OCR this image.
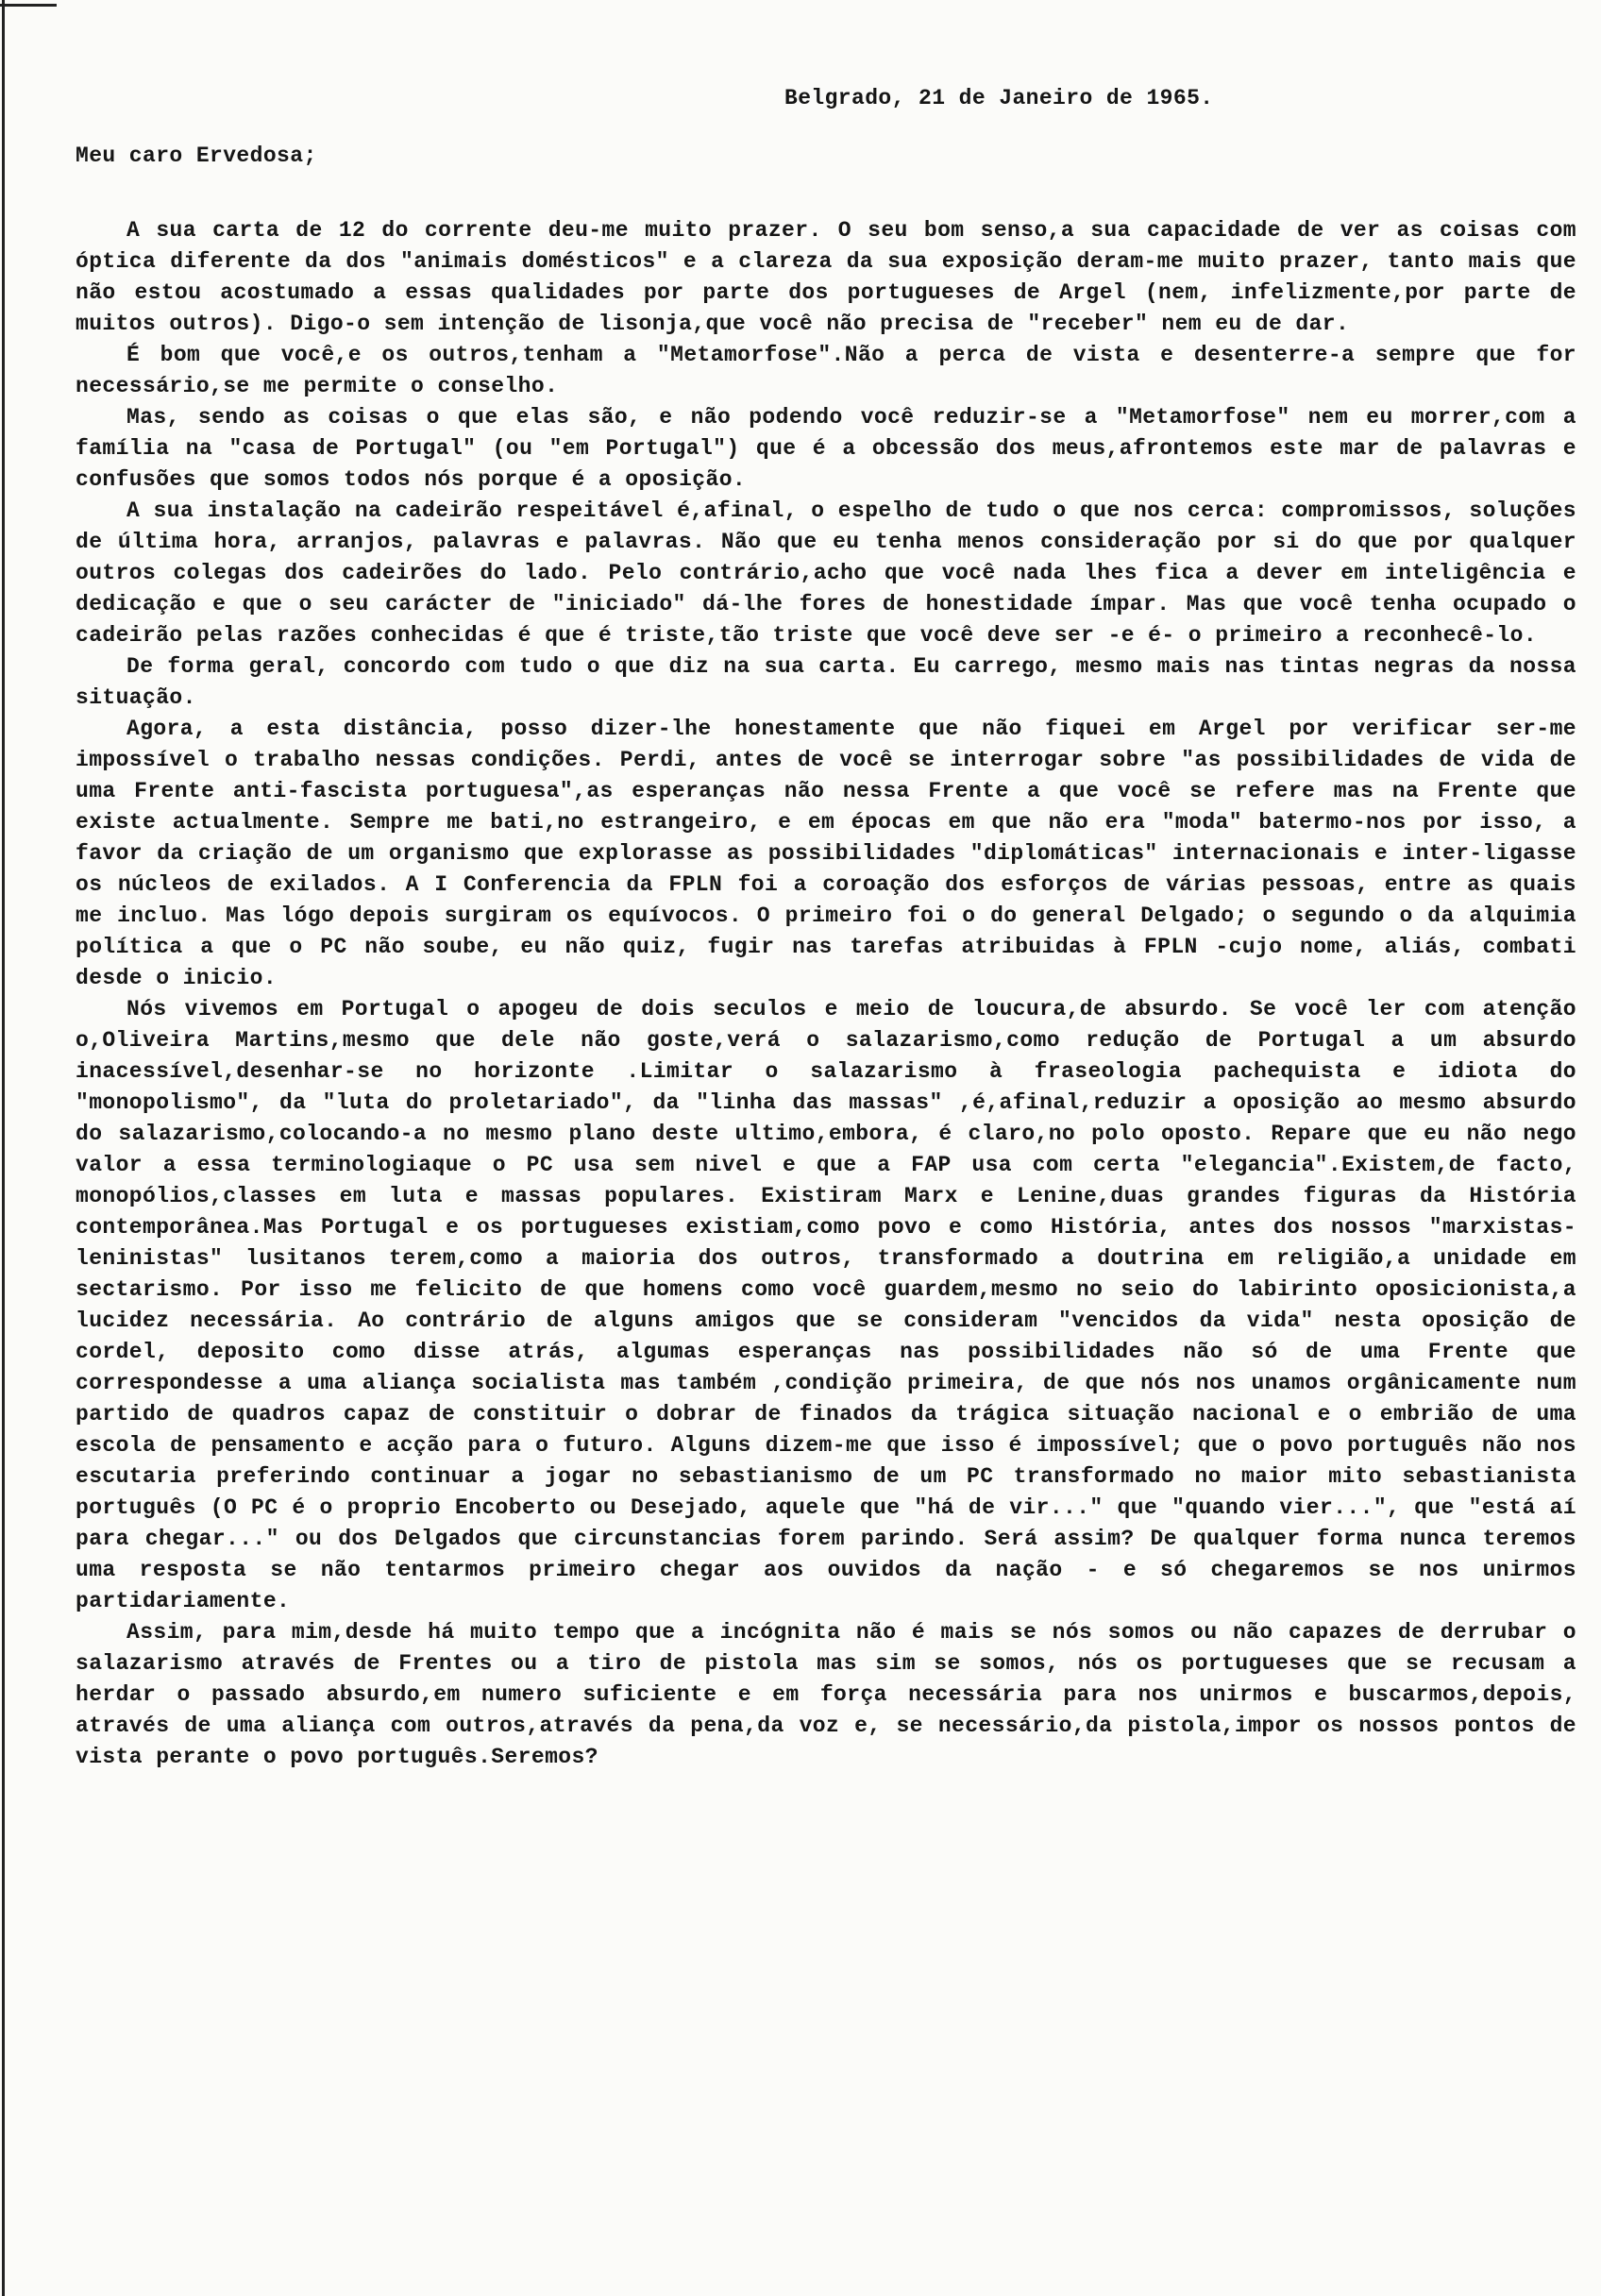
Belgrado, 21 de Janeiro de 1965.

Meu caro Ervedosa;

A sua carta de 12 do corrente deu-me muito prazer. O seu bom senso,a sua capacidade de ver as coisas com óptica diferente da dos "animais domésticos" e a clareza da sua exposição deram-me muito prazer, tanto mais que não estou acostumado a essas qualidades por parte dos portugueses de Argel (nem, infelizmente,por parte de muitos outros). Digo-o sem intenção de lisonja,que você não precisa de "receber" nem eu de dar.

É bom que você,e os outros,tenham a "Metamorfose".Não a perca de vista e desenterre-a sempre que for necessário,se me permite o conselho.

Mas, sendo as coisas o que elas são, e não podendo você reduzir-se a "Metamorfose" nem eu morrer,com a família na "casa de Portugal" (ou "em Portugal") que é a obcessão dos meus,afrontemos este mar de palavras e confusões que somos todos nós porque é a oposição.

A sua instalação na cadeirão respeitável é,afinal, o espelho de tudo o que nos cerca: compromissos, soluções de última hora, arranjos, palavras e palavras. Não que eu tenha menos consideração por si do que por qualquer outros colegas dos cadeirões do lado. Pelo contrário,acho que você nada lhes fica a dever em inteligência e dedicação e que o seu carácter de "iniciado" dá-lhe fores de honestidade ímpar. Mas que você tenha ocupado o cadeirão pelas razões conhecidas é que é triste,tão triste que você deve ser -e é- o primeiro a reconhecê-lo.

De forma geral, concordo com tudo o que diz na sua carta. Eu carrego, mesmo mais nas tintas negras da nossa situação.

Agora, a esta distância, posso dizer-lhe honestamente que não fiquei em Argel por verificar ser-me impossível o trabalho nessas condições. Perdi, antes de você se interrogar sobre "as possibilidades de vida de uma Frente anti-fascista portuguesa",as esperanças não nessa Frente a que você se refere mas na Frente que existe actualmente. Sempre me bati,no estrangeiro, e em épocas em que não era "moda" batermo-nos por isso, a favor da criação de um organismo que explorasse as possibilidades "diplomáticas" internacionais e inter-ligasse os núcleos de exilados. A I Conferencia da FPLN foi a coroação dos esforços de várias pessoas, entre as quais me incluo. Mas lógo depois surgiram os equívocos. O primeiro foi o do general Delgado; o segundo o da alquimia política a que o PC não soube, eu não quiz, fugir nas tarefas atribuidas à FPLN -cujo nome, aliás, combati desde o inicio.

Nós vivemos em Portugal o apogeu de dois seculos e meio de loucura,de absurdo. Se você ler com atenção o,Oliveira Martins,mesmo que dele não goste,verá o salazarismo,como redução de Portugal a um absurdo inacessível,desenhar-se no horizonte .Limitar o salazarismo à fraseologia pachequista e idiota do "monopolismo", da "luta do proletariado", da "linha das massas" ,é,afinal,reduzir a oposição ao mesmo absurdo do salazarismo,colocando-a no mesmo plano deste ultimo,embora, é claro,no polo oposto. Repare que eu não nego valor a essa terminologiaque o PC usa sem nivel e que a FAP usa com certa "elegancia".Existem,de facto, monopólios,classes em luta e massas populares. Existiram Marx e Lenine,duas grandes figuras da História contemporânea.Mas Portugal e os portugueses existiam,como povo e como História, antes dos nossos "marxistas-leninistas" lusitanos terem,como a maioria dos outros, transformado a doutrina em religião,a unidade em sectarismo. Por isso me felicito de que homens como você guardem,mesmo no seio do labirinto oposicionista,a lucidez necessária. Ao contrário de alguns amigos que se consideram "vencidos da vida" nesta oposição de cordel, deposito como disse atrás, algumas esperanças nas possibilidades não só de uma Frente que correspondesse a uma aliança socialista mas também ,condição primeira, de que nós nos unamos orgânicamente num partido de quadros capaz de constituir o dobrar de finados da trágica situação nacional e o embrião de uma escola de pensamento e acção para o futuro. Alguns dizem-me que isso é impossível; que o povo português não nos escutaria preferindo continuar a jogar no sebastianismo de um PC transformado no maior mito sebastianista português (O PC é o proprio Encoberto ou Desejado, aquele que "há de vir..." que "quando vier...", que "está aí para chegar..." ou dos Delgados que circunstancias forem parindo. Será assim? De qualquer forma nunca teremos uma resposta se não tentarmos primeiro chegar aos ouvidos da nação - e só chegaremos se nos unirmos partidariamente.

Assim, para mim,desde há muito tempo que a incógnita não é mais se nós somos ou não capazes de derrubar o salazarismo através de Frentes ou a tiro de pistola mas sim se somos, nós os portugueses que se recusam a herdar o passado absurdo,em numero suficiente e em força necessária para nos unirmos e buscarmos,depois, através de uma aliança com outros,através da pena,da voz e, se necessário,da pistola,impor os nossos pontos de vista perante o povo português.Seremos?
